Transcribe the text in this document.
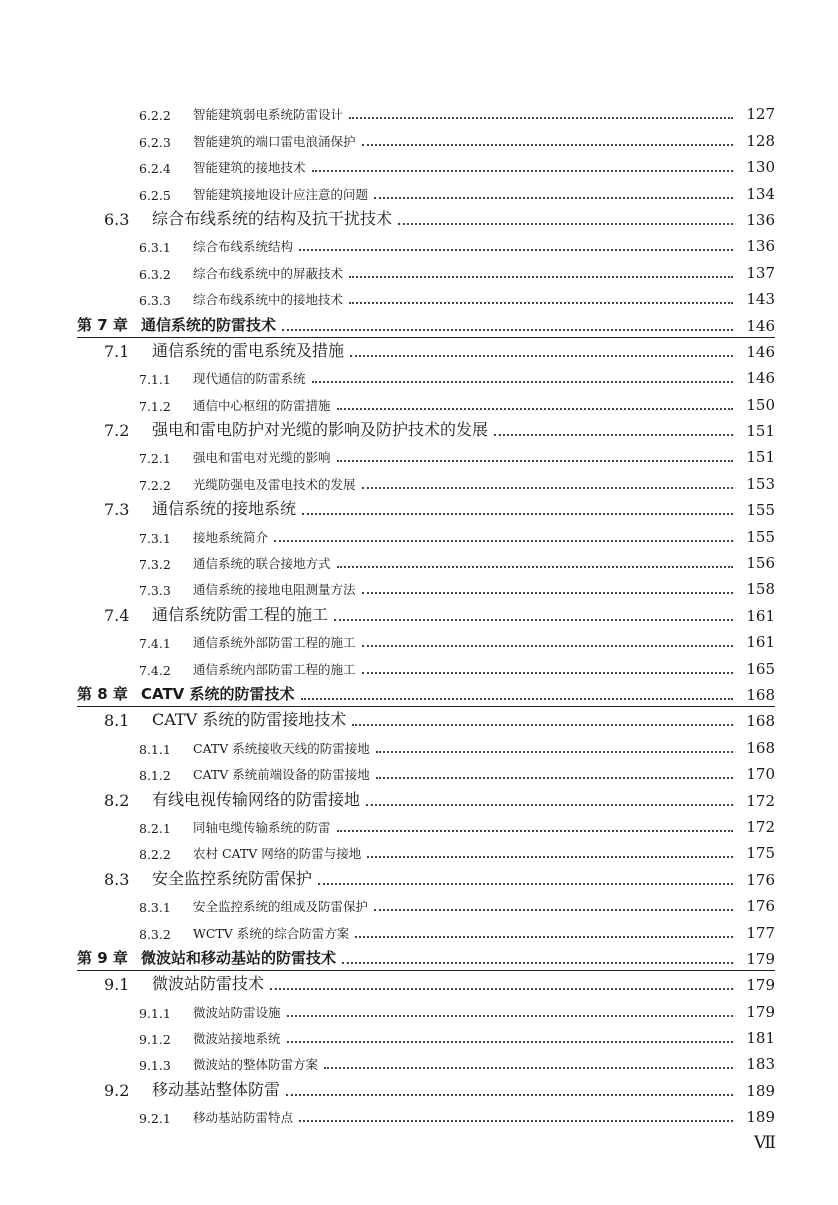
6.2.2	智能建筑弱电系统防雷设计	127
6.2.3	智能建筑的端口雷电浪涌保护	128
6.2.4	智能建筑的接地技术	130
6.2.5	智能建筑接地设计应注意的问题	134
6.3	综合布线系统的结构及抗干扰技术	136
6.3.1	综合布线系统结构	136
6.3.2	综合布线系统中的屏蔽技术	137
6.3.3	综合布线系统中的接地技术	143
第 7 章 通信系统的防雷技术	146
7.1	通信系统的雷电系统及措施	146
7.1.1	现代通信的防雷系统	146
7.1.2	通信中心枢纽的防雷措施	150
7.2	强电和雷电防护对光缆的影响及防护技术的发展	151
7.2.1	强电和雷电对光缆的影响	151
7.2.2	光缆防强电及雷电技术的发展	153
7.3	通信系统的接地系统	155
7.3.1	接地系统简介	155
7.3.2	通信系统的联合接地方式	156
7.3.3	通信系统的接地电阻测量方法	158
7.4	通信系统防雷工程的施工	161
7.4.1	通信系统外部防雷工程的施工	161
7.4.2	通信系统内部防雷工程的施工	165
第 8 章 CATV 系统的防雷技术	168
8.1	CATV 系统的防雷接地技术	168
8.1.1	CATV 系统接收天线的防雷接地	168
8.1.2	CATV 系统前端设备的防雷接地	170
8.2	有线电视传输网络的防雷接地	172
8.2.1	同轴电缆传输系统的防雷	172
8.2.2	农村 CATV 网络的防雷与接地	175
8.3	安全监控系统防雷保护	176
8.3.1	安全监控系统的组成及防雷保护	176
8.3.2	WCTV 系统的综合防雷方案	177
第 9 章 微波站和移动基站的防雷技术	179
9.1	微波站防雷技术	179
9.1.1	微波站防雷设施	179
9.1.2	微波站接地系统	181
9.1.3	微波站的整体防雷方案	183
9.2	移动基站整体防雷	189
9.2.1	移动基站防雷特点	189
Ⅶ
